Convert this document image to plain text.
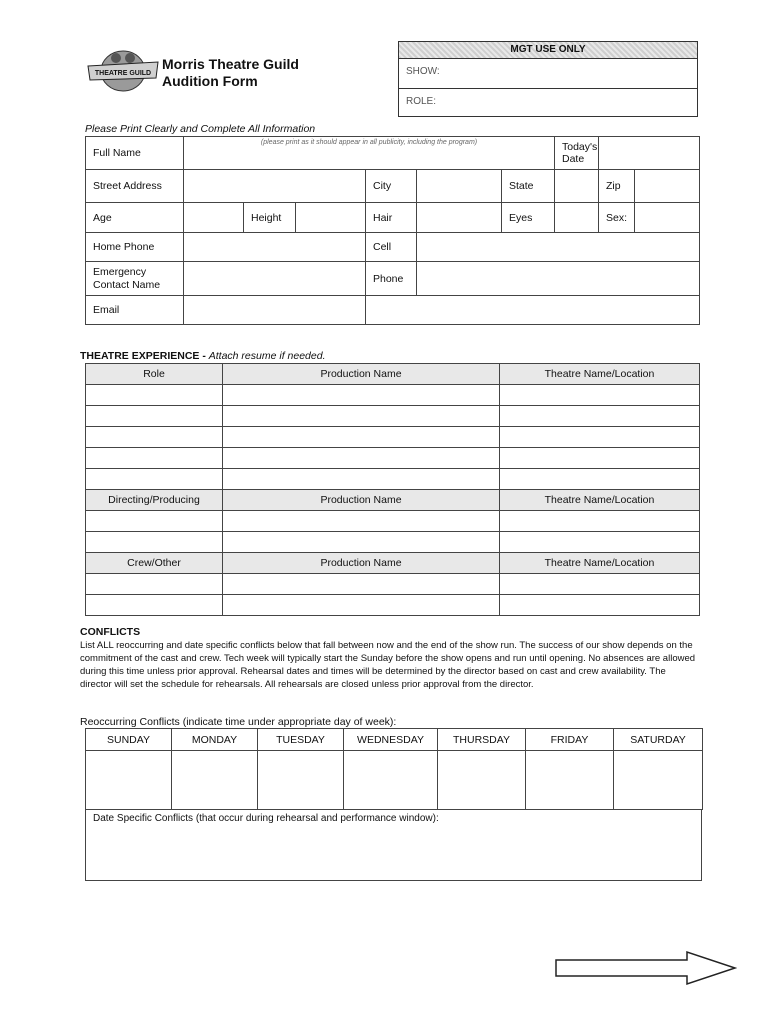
THEATRE GUILD
Morris Theatre Guild
Audition Form
MGT USE ONLY
SHOW:
ROLE:
Please Print Clearly and Complete All Information
Full Name	(please print as it should appear in all publicity, including the program)						Today's Date		
Street Address				City		State		Zip	
Age		Height		Hair		Eyes		Sex:	
Home Phone				Cell					
Emergency Contact Name				Phone					
Email									
THEATRE EXPERIENCE - Attach resume if needed.
Role	Production Name	Theatre Name/Location

Directing/Producing	Production Name	Theatre Name/Location

Crew/Other	Production Name	Theatre Name/Location

CONFLICTS
List ALL reoccurring and date specific conflicts below that fall between now and the end of the show run. The success of our show depends on the commitment of the cast and crew. Tech week will typically start the Sunday before the show opens and run until opening. No absences are allowed during this time unless prior approval. Rehearsal dates and times will be determined by the director based on cast and crew availability. The director will set the schedule for rehearsals. All rehearsals are closed unless prior approval from the director.
Reoccurring Conflicts (indicate time under appropriate day of week):
SUNDAY	MONDAY	TUESDAY	WEDNESDAY	THURSDAY	FRIDAY	SATURDAY

Date Specific Conflicts (that occur during rehearsal and performance window):
